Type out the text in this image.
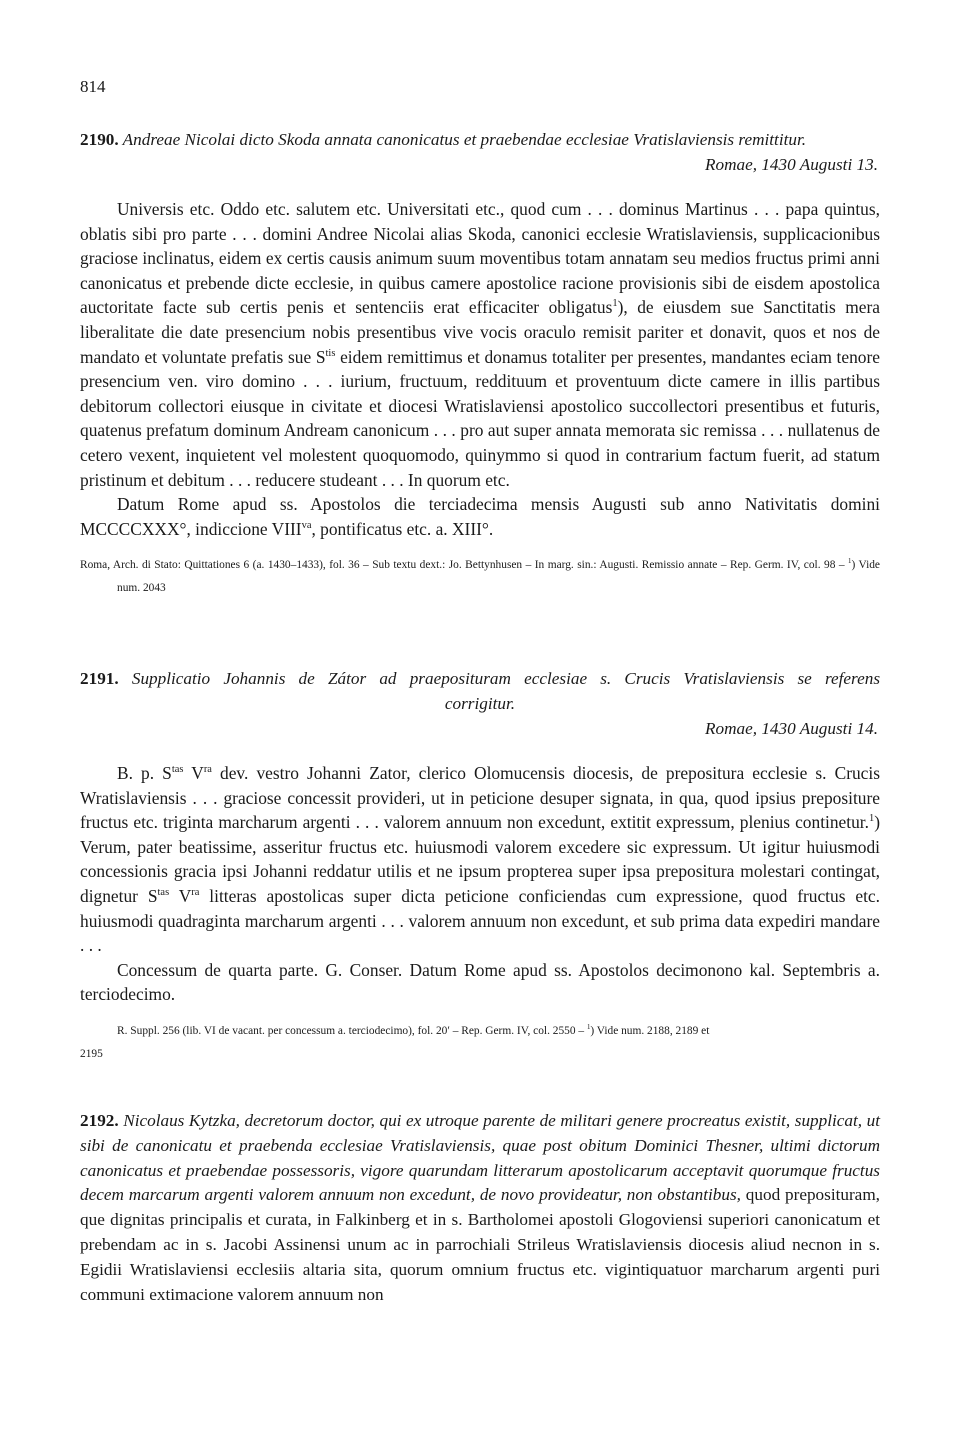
814
2190. Andreae Nicolai dicto Skoda annata canonicatus et praebendae ecclesiae Vratislaviensis remittitur.
Romae, 1430 Augusti 13.

Universis etc. Oddo etc. salutem etc. Universitati etc., quod cum . . . dominus Martinus . . . papa quintus, oblatis sibi pro parte . . . domini Andree Nicolai alias Skoda, canonici ecclesie Wratislaviensis, supplicacionibus graciose inclinatus, eidem ex certis causis animum suum moventibus totam annatam seu medios fructus primi anni canonicatus et prebende dicte ecclesie, in quibus camere apostolice racione provisionis sibi de eisdem apostolica auctoritate facte sub certis penis et sentenciis erat efficaciter obligatus$^1$), de eiusdem sue Sanctitatis mera liberalitate die date presencium nobis presentibus vive vocis oraculo remisit pariter et donavit, quos et nos de mandato et voluntate prefatis sue $S^{tis}$ eidem remittimus et donamus totaliter per presentes, mandantes eciam tenore presencium ven. viro domino . . . iurium, fructuum, reddituum et proventuum dicte camere in illis partibus debitorum collectori eiusque in civitate et diocesi Wratislaviensi apostolico succollectori presentibus et futuris, quatenus prefatum dominum Andream canonicum . . . pro aut super annata memorata sic remissa . . . nullatenus de cetero vexent, inquietent vel molestent quoquomodo, quinymmo si quod in contrarium factum fuerit, ad statum pristinum et debitum . . . reducere studeant . . . In quorum etc.

Datum Rome apud ss. Apostolos die terciadecima mensis Augusti sub anno Nativitatis domini MCCCCXXX°, indiccione $VIII^{va}$, pontificatus etc. a. XIII°.

Roma, Arch. di Stato: Quittationes 6 (a. 1430–1433), fol. 36 – Sub textu dext.: Jo. Bettynhusen – In marg. sin.: Augusti. Remissio annate – Rep. Germ. IV, col. 98 – $^1$) Vide num. 2043
2191. Supplicatio Johannis de Zátor ad praeposituram ecclesiae s. Crucis Vratislaviensis se referens
corrigitur.
Romae, 1430 Augusti 14.

B. p. $S^{tas}$ $V^{ra}$ dev. vestro Johanni Zator, clerico Olomucensis diocesis, de prepositura ecclesie s. Crucis Wratislaviensis . . . graciose concessit provideri, ut in peticione desuper signata, in qua, quod ipsius prepositure fructus etc. triginta marcharum argenti . . . valorem annuum non excedunt, extitit expressum, plenius continetur.$^1$) Verum, pater beatissime, asseritur fructus etc. huiusmodi valorem excedere sic expressum. Ut igitur huiusmodi concessionis gracia ipsi Johanni reddatur utilis et ne ipsum propterea super ipsa prepositura molestari contingat, dignetur $S^{tas}$ $V^{ra}$ litteras apostolicas super dicta peticione conficiendas cum expressione, quod fructus etc. huiusmodi quadraginta marcharum argenti . . . valorem annuum non excedunt, et sub prima data expediri mandare . . .

Concessum de quarta parte. G. Conser. Datum Rome apud ss. Apostolos decimonono kal. Septembris a. terciodecimo.

R. Suppl. 256 (lib. VI de vacant. per concessum a. terciodecimo), fol. 20′ – Rep. Germ. IV, col. 2550 – $^1$) Vide num. 2188, 2189 et
2195
2192. Nicolaus Kytzka, decretorum doctor, qui ex utroque parente de militari genere procreatus existit, supplicat, ut sibi de canonicatu et praebenda ecclesiae Vratislaviensis, quae post obitum Dominici Thesner, ultimi dictorum canonicatus et praebendae possessoris, vigore quarundam litterarum apostolicarum acceptavit quorumque fructus decem marcarum argenti valorem annuum non excedunt, de novo provideatur, non obstantibus, quod preposituram, que dignitas principalis et curata, in Falkinberg et in s. Bartholomei apostoli Glogoviensi superiori canonicatum et prebendam ac in s. Jacobi Assinensi unum ac in parrochiali Strileus Wratislaviensis diocesis aliud necnon in s. Egidii Wratislaviensi ecclesiis altaria sita, quorum omnium fructus etc. vigintiquatuor marcharum argenti puri communi extimacione valorem annuum non
